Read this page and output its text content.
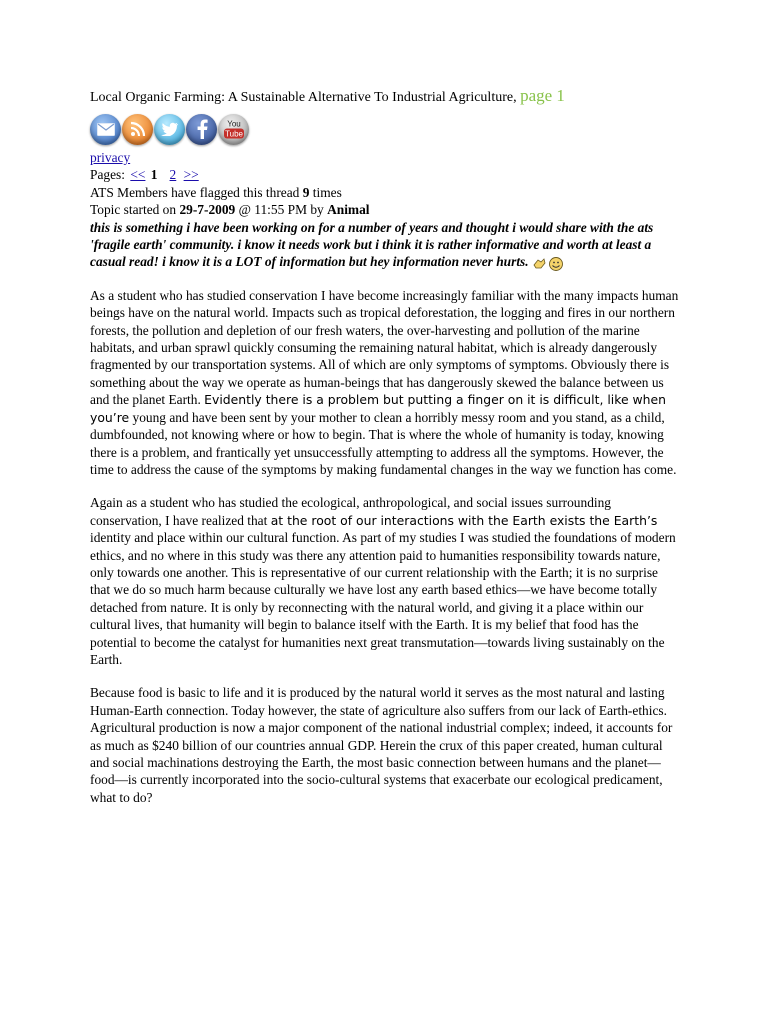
Local Organic Farming: A Sustainable Alternative To Industrial Agriculture, page 1
You
Tube
privacy
Pages: << 1 2 >>
ATS Members have flagged this thread 9 times
Topic started on 29-7-2009 @ 11:55 PM by Animal
this is something i have been working on for a number of years and thought i would share with the ats 'fragile earth' community. i know it needs work but i think it is rather informative and worth at least a casual read! i know it is a LOT of information but hey information never hurts.

As a student who has studied conservation I have become increasingly familiar with the many impacts human beings have on the natural world. Impacts such as tropical deforestation, the logging and fires in our northern forests, the pollution and depletion of our fresh waters, the over-harvesting and pollution of the marine habitats, and urban sprawl quickly consuming the remaining natural habitat, which is already dangerously fragmented by our transportation systems. All of which are only symptoms of symptoms. Obviously there is something about the way we operate as human-beings that has dangerously skewed the balance between us and the planet Earth. Evidently there is a problem but putting a finger on it is difficult, like when you’re young and have been sent by your mother to clean a horribly messy room and you stand, as a child, dumbfounded, not knowing where or how to begin. That is where the whole of humanity is today, knowing there is a problem, and frantically yet unsuccessfully attempting to address all the symptoms. However, the time to address the cause of the symptoms by making fundamental changes in the way we function has come.

Again as a student who has studied the ecological, anthropological, and social issues surrounding conservation, I have realized that at the root of our interactions with the Earth exists the Earth’s identity and place within our cultural function. As part of my studies I was studied the foundations of modern ethics, and no where in this study was there any attention paid to humanities responsibility towards nature, only towards one another. This is representative of our current relationship with the Earth; it is no surprise that we do so much harm because culturally we have lost any earth based ethics—we have become totally detached from nature. It is only by reconnecting with the natural world, and giving it a place within our cultural lives, that humanity will begin to balance itself with the Earth. It is my belief that food has the potential to become the catalyst for humanities next great transmutation—towards living sustainably on the Earth.

Because food is basic to life and it is produced by the natural world it serves as the most natural and lasting Human-Earth connection. Today however, the state of agriculture also suffers from our lack of Earth-ethics. Agricultural production is now a major component of the national industrial complex; indeed, it accounts for as much as $240 billion of our countries annual GDP. Herein the crux of this paper created, human cultural and social machinations destroying the Earth, the most basic connection between humans and the planet—food—is currently incorporated into the socio-cultural systems that exacerbate our ecological predicament, what to do?
